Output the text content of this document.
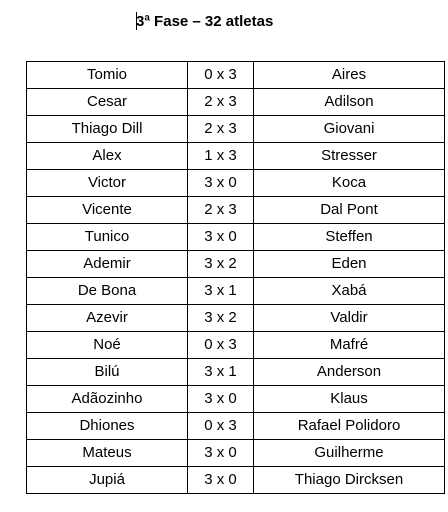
3ª Fase – 32 atletas
Tomio	0 x 3	Aires
Cesar	2 x 3	Adilson
Thiago Dill	2 x 3	Giovani
Alex	1 x 3	Stresser
Victor	3 x 0	Koca
Vicente	2 x 3	Dal Pont
Tunico	3 x 0	Steffen
Ademir	3 x 2	Eden
De Bona	3 x 1	Xabá
Azevir	3 x 2	Valdir
Noé	0 x 3	Mafré
Bilú	3 x 1	Anderson
Adãozinho	3 x 0	Klaus
Dhiones	0 x 3	Rafael Polidoro
Mateus	3 x 0	Guilherme
Jupiá	3 x 0	Thiago Dircksen
